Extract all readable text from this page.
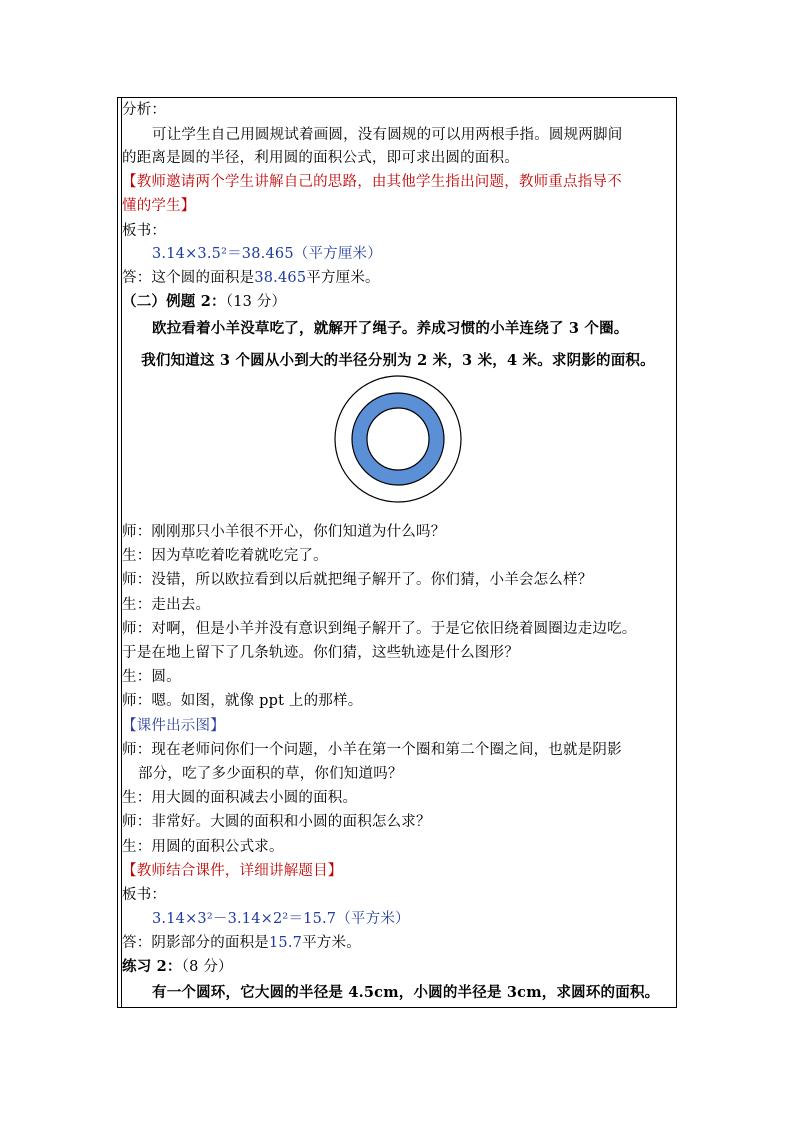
分析：
可让学生自己用圆规试着画圆，没有圆规的可以用两根手指。圆规两脚间
的距离是圆的半径，利用圆的面积公式，即可求出圆的面积。
【教师邀请两个学生讲解自己的思路，由其他学生指出问题，教师重点指导不
懂的学生】
板书：
3.14×3.5²＝38.465（平方厘米）
答：这个圆的面积是38.465平方厘米。
（二）例题 2：（13 分）
欧拉看着小羊没草吃了，就解开了绳子。养成习惯的小羊连绕了 3 个圈。
我们知道这 3 个圆从小到大的半径分别为 2 米，3 米，4 米。求阴影的面积。
师：刚刚那只小羊很不开心，你们知道为什么吗？
生：因为草吃着吃着就吃完了。
师：没错，所以欧拉看到以后就把绳子解开了。你们猜，小羊会怎么样？
生：走出去。
师：对啊，但是小羊并没有意识到绳子解开了。于是它依旧绕着圆圈边走边吃。
于是在地上留下了几条轨迹。你们猜，这些轨迹是什么图形？
生：圆。
师：嗯。如图，就像 ppt 上的那样。
【课件出示图】
师：现在老师问你们一个问题，小羊在第一个圈和第二个圈之间，也就是阴影
部分，吃了多少面积的草，你们知道吗？
生：用大圆的面积减去小圆的面积。
师：非常好。大圆的面积和小圆的面积怎么求？
生：用圆的面积公式求。
【教师结合课件，详细讲解题目】
板书：
3.14×3²－3.14×2²＝15.7（平方米）
答：阴影部分的面积是15.7平方米。
练习 2：（8 分）
有一个圆环，它大圆的半径是 4.5cm，小圆的半径是 3cm，求圆环的面积。
